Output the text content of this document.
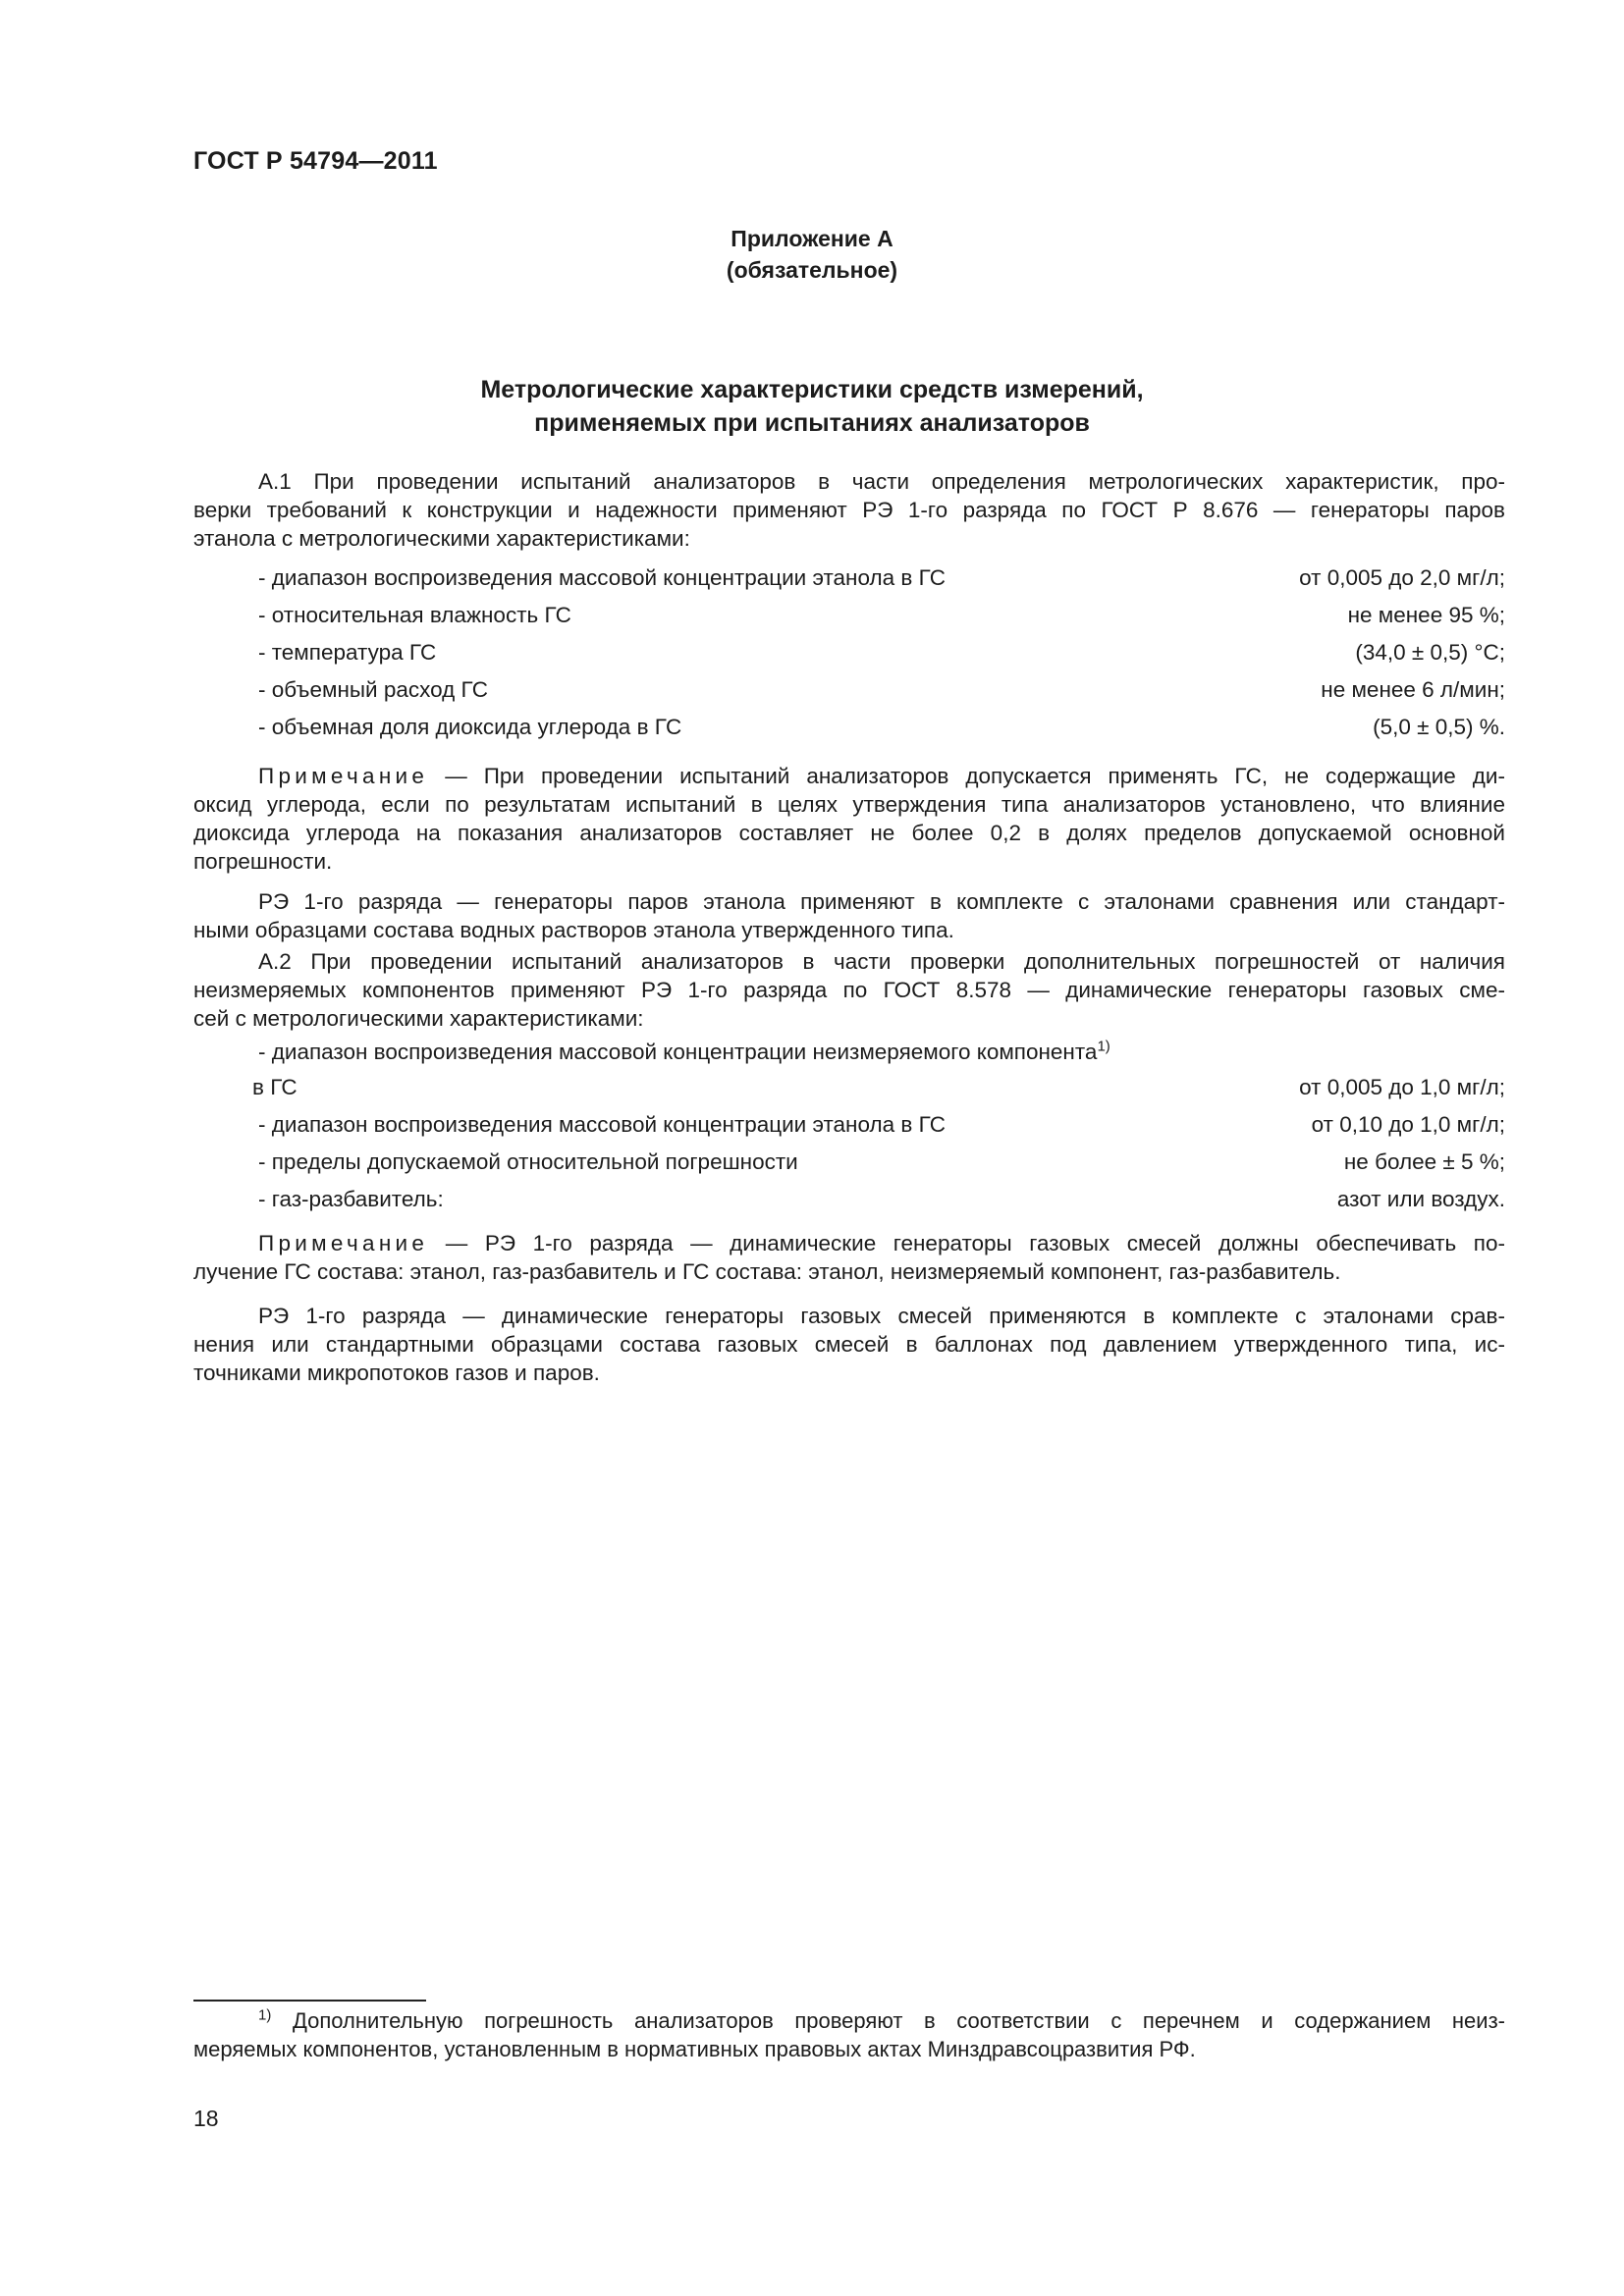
ГОСТ Р 54794—2011
Приложение А
(обязательное)
Метрологические характеристики средств измерений,
применяемых при испытаниях анализаторов
А.1 При проведении испытаний анализаторов в части определения метрологических характеристик, про-
верки требований к конструкции и надежности применяют РЭ 1-го разряда по ГОСТ Р 8.676 — генераторы паров
этанола с метрологическими характеристиками:
- диапазон воспроизведения массовой концентрации этанола в ГС	от 0,005 до 2,0 мг/л;
- относительная влажность ГС	не менее 95 %;
- температура ГС	(34,0 ± 0,5) °С;
- объемный расход ГС	не менее 6 л/мин;
- объемная доля диоксида углерода в ГС	(5,0 ± 0,5) %.
Примечание — При проведении испытаний анализаторов допускается применять ГС, не содержащие ди-
оксид углерода, если по результатам испытаний в целях утверждения типа анализаторов установлено, что влияние
диоксида углерода на показания анализаторов составляет не более 0,2 в долях пределов допускаемой основной
погрешности.
РЭ 1-го разряда — генераторы паров этанола применяют в комплекте с эталонами сравнения или стандарт-
ными образцами состава водных растворов этанола утвержденного типа.
А.2 При проведении испытаний анализаторов в части проверки дополнительных погрешностей от наличия
неизмеряемых компонентов применяют РЭ 1-го разряда по ГОСТ 8.578 — динамические генераторы газовых сме-
сей с метрологическими характеристиками:
- диапазон воспроизведения массовой концентрации неизмеряемого компонента$^{1)}$
в ГС	от 0,005 до 1,0 мг/л;
- диапазон воспроизведения массовой концентрации этанола в ГС	от 0,10 до 1,0 мг/л;
- пределы допускаемой относительной погрешности	не более ± 5 %;
- газ-разбавитель:	азот или воздух.
Примечание — РЭ 1-го разряда — динамические генераторы газовых смесей должны обеспечивать по-
лучение ГС состава: этанол, газ-разбавитель и ГС состава: этанол, неизмеряемый компонент, газ-разбавитель.
РЭ 1-го разряда — динамические генераторы газовых смесей применяются в комплекте с эталонами срав-
нения или стандартными образцами состава газовых смесей в баллонах под давлением утвержденного типа, ис-
точниками микропотоков газов и паров.
$^{1)}$ Дополнительную погрешность анализаторов проверяют в соответствии с перечнем и содержанием неиз-
меряемых компонентов, установленным в нормативных правовых актах Минздравсоцразвития РФ.
18
